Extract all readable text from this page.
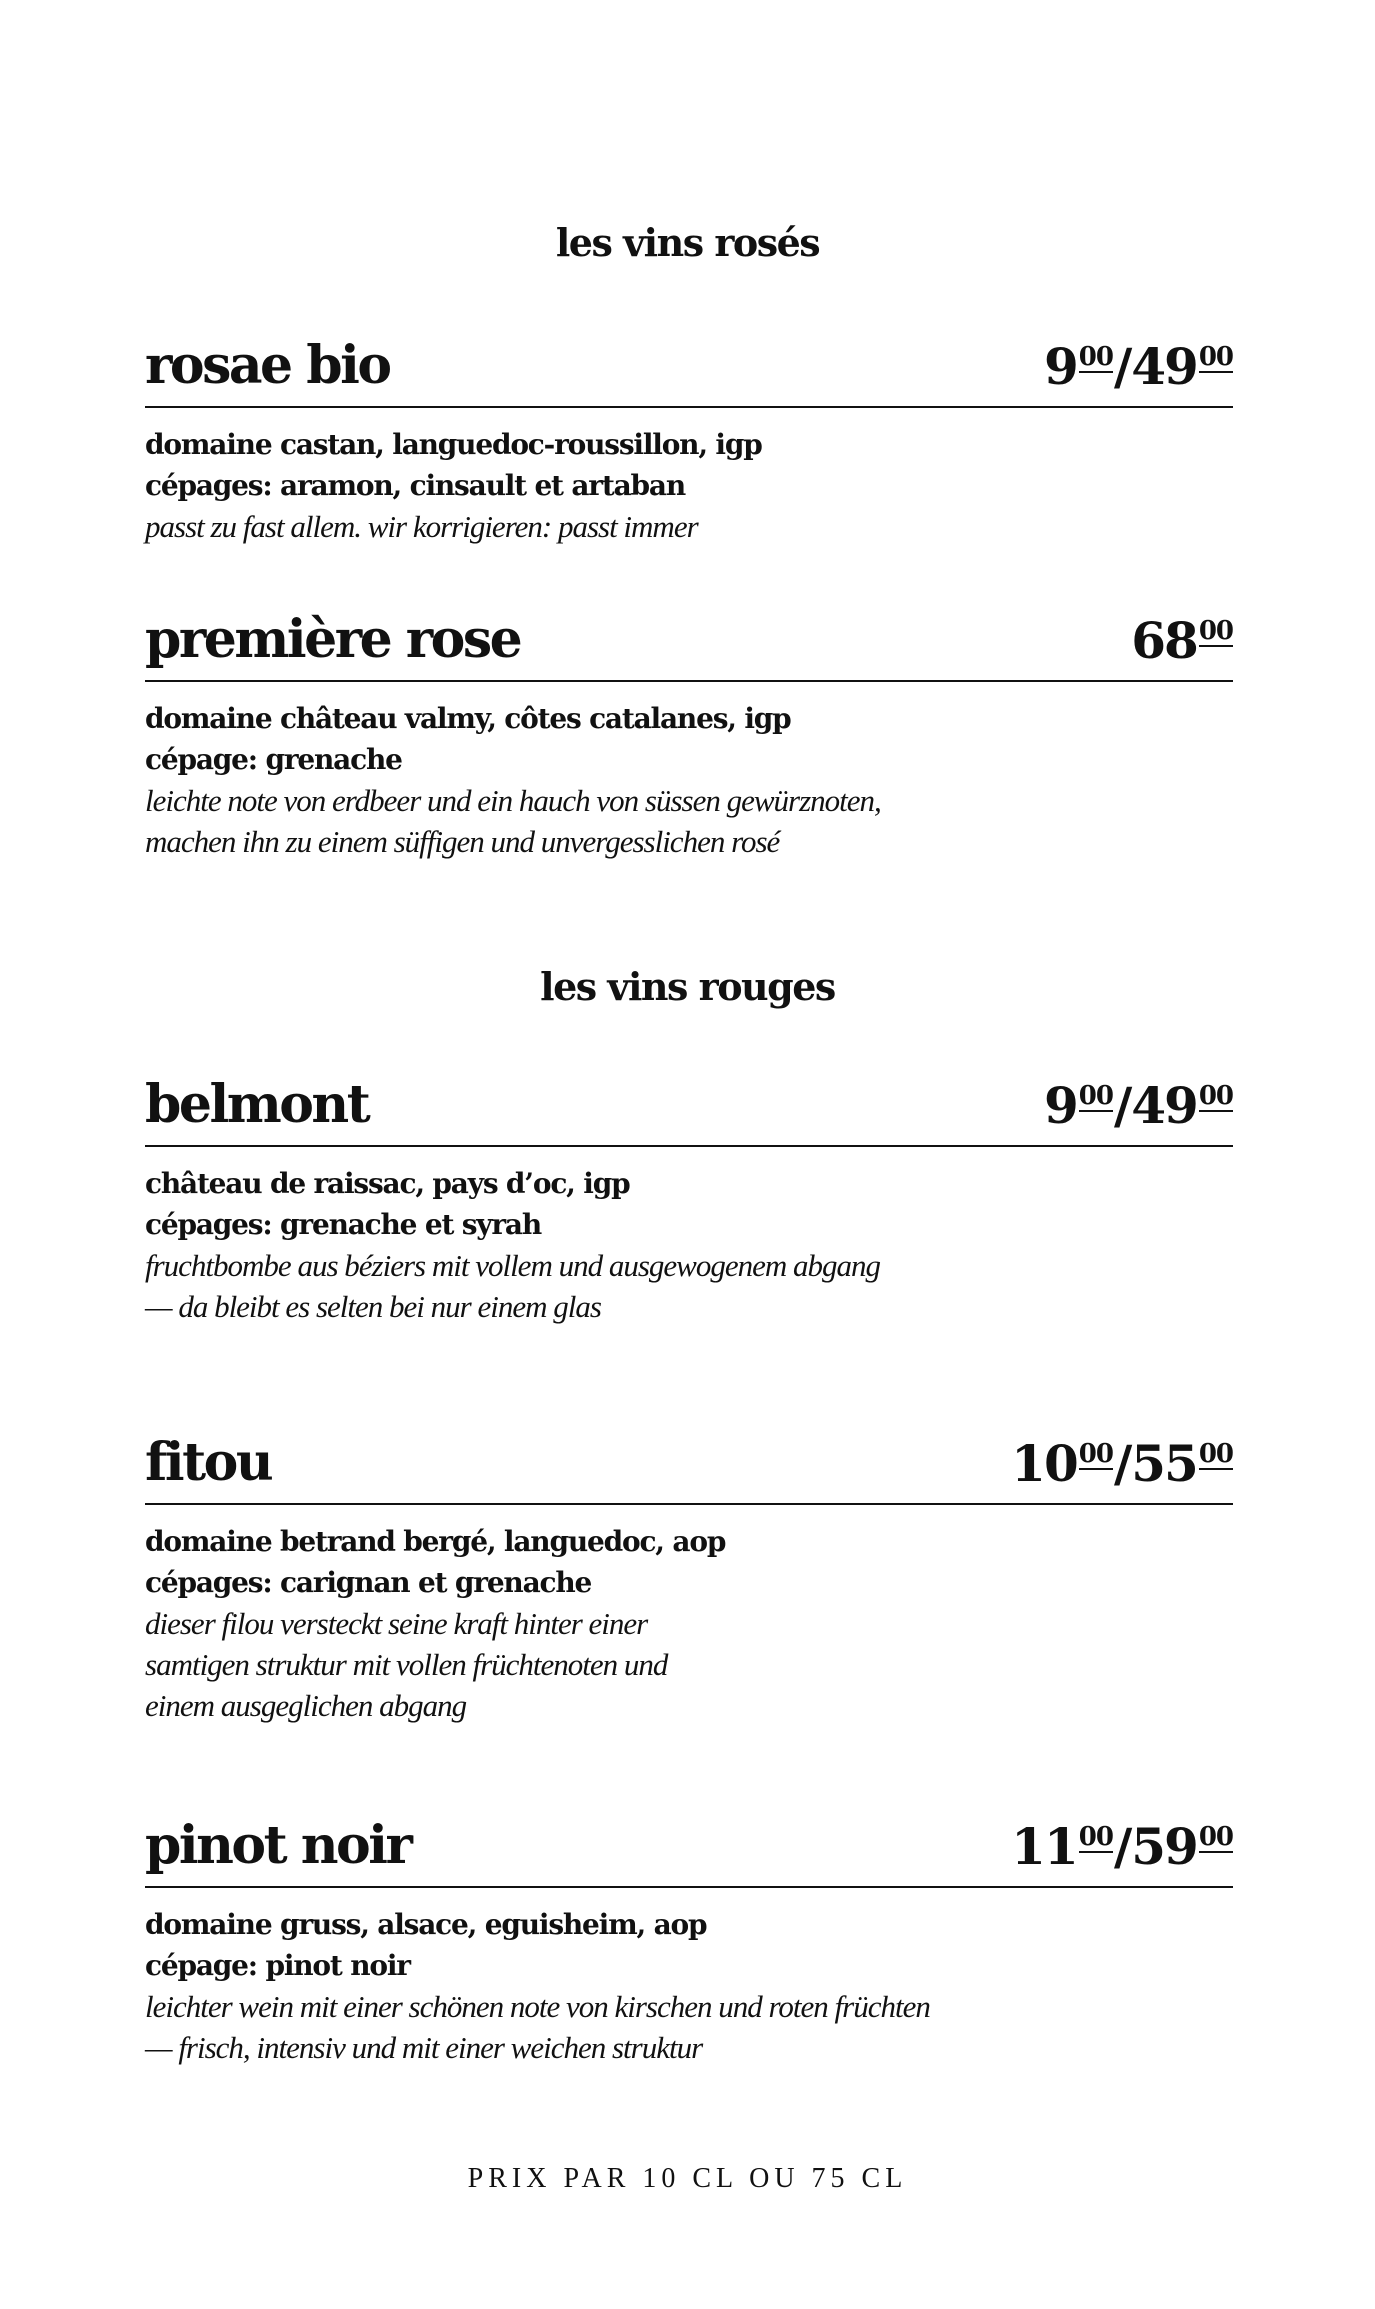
les vins rosés
rosae bio	900/4900
domaine castan, languedoc-roussillon, igp
cépages: aramon, cinsault et artaban
passt zu fast allem. wir korrigieren: passt immer
première rose	6800
domaine château valmy, côtes catalanes, igp
cépage: grenache
leichte note von erdbeer und ein hauch von süssen gewürznoten,
machen ihn zu einem süffigen und unvergesslichen rosé
les vins rouges
belmont	900/4900
château de raissac, pays d’oc, igp
cépages: grenache et syrah
fruchtbombe aus béziers mit vollem und ausgewogenem abgang
— da bleibt es selten bei nur einem glas
fitou	1000/5500
domaine betrand bergé, languedoc, aop
cépages: carignan et grenache
dieser filou versteckt seine kraft hinter einer
samtigen struktur mit vollen früchtenoten und
einem ausgeglichen abgang
pinot noir	1100/5900
domaine gruss, alsace, eguisheim, aop
cépage: pinot noir
leichter wein mit einer schönen note von kirschen und roten früchten
— frisch, intensiv und mit einer weichen struktur
PRIX PAR 10 CL OU 75 CL
